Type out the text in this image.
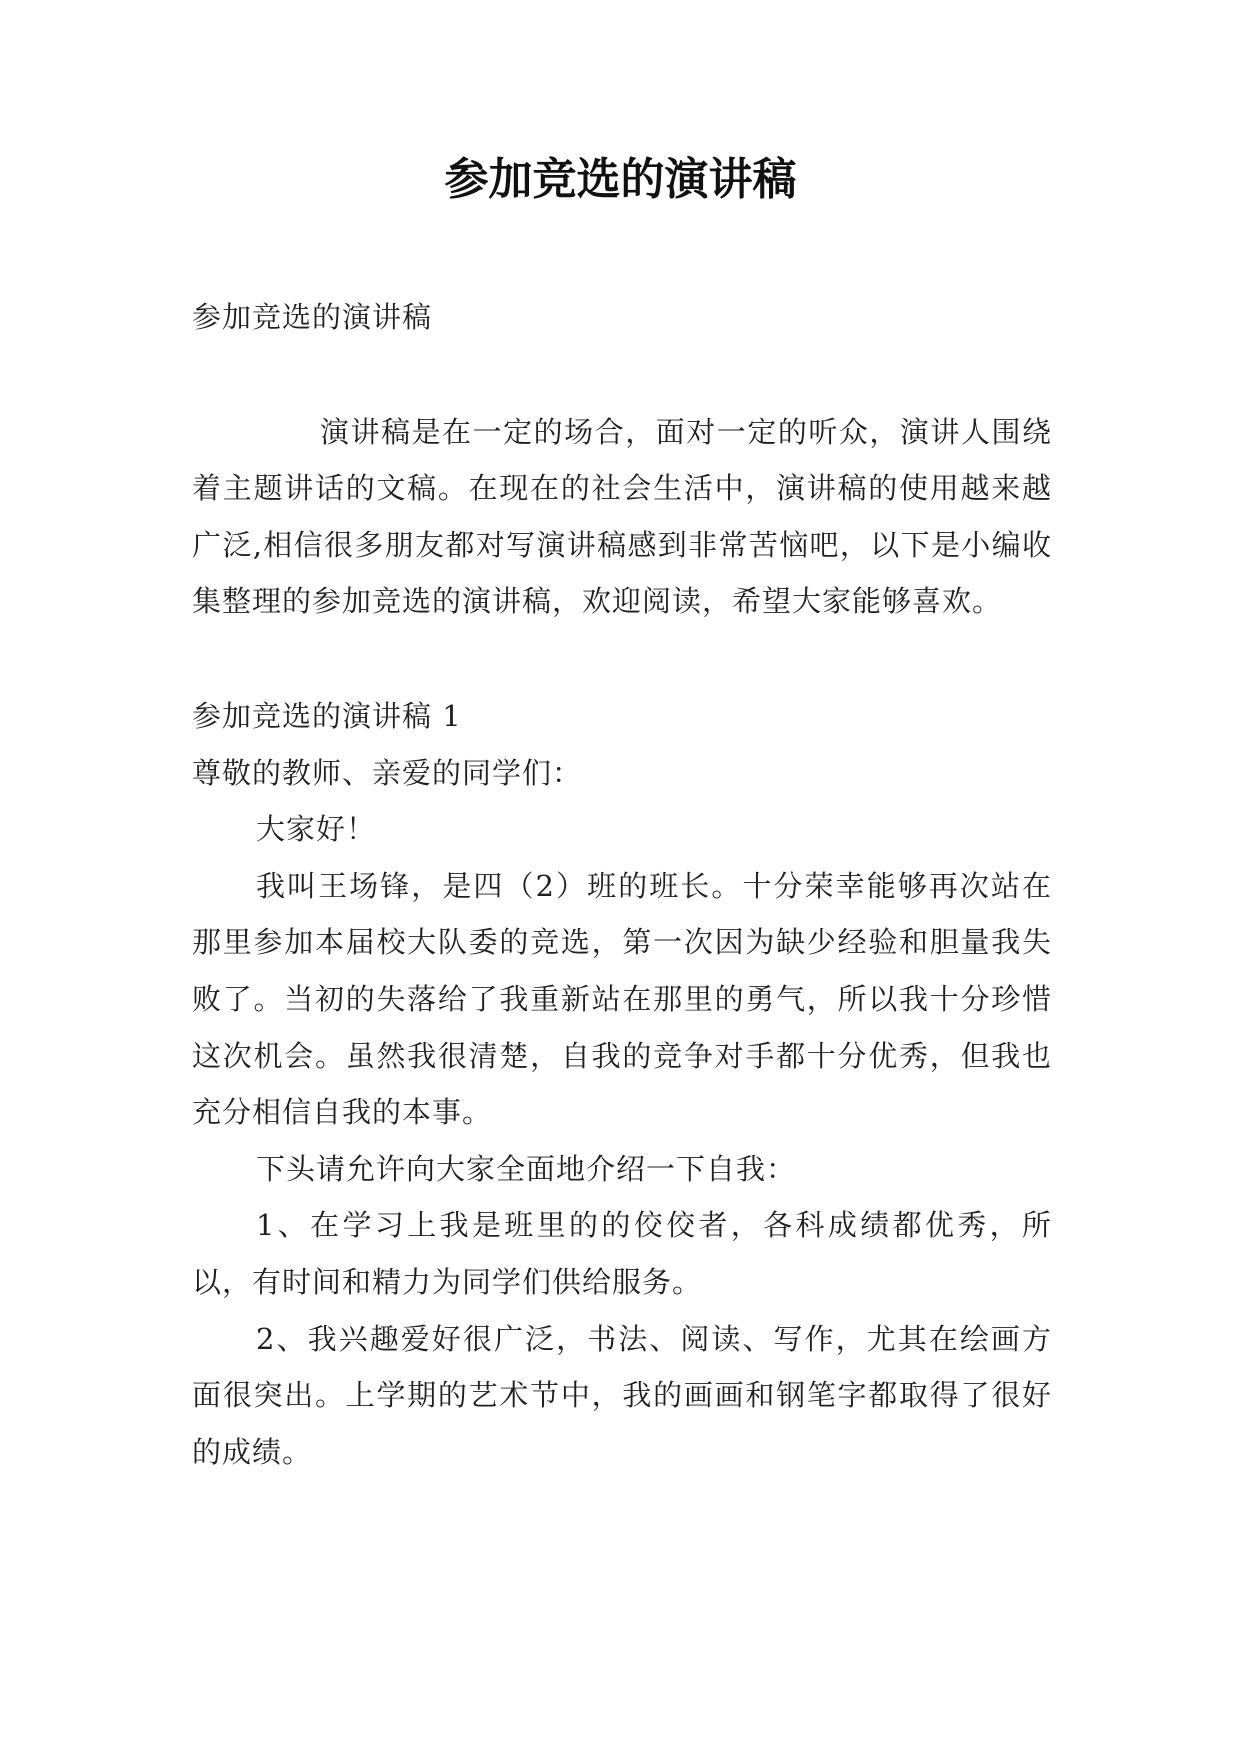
参加竞选的演讲稿

参加竞选的演讲稿

演讲稿是在一定的场合，面对一定的听众，演讲人围绕着主题讲话的文稿。在现在的社会生活中，演讲稿的使用越来越广泛,相信很多朋友都对写演讲稿感到非常苦恼吧，以下是小编收集整理的参加竞选的演讲稿，欢迎阅读，希望大家能够喜欢。

参加竞选的演讲稿 1

尊敬的教师、亲爱的同学们：

大家好！

我叫王场锋，是四（2）班的班长。十分荣幸能够再次站在那里参加本届校大队委的竞选，第一次因为缺少经验和胆量我失败了。当初的失落给了我重新站在那里的勇气，所以我十分珍惜这次机会。虽然我很清楚，自我的竞争对手都十分优秀，但我也充分相信自我的本事。

下头请允许向大家全面地介绍一下自我：

1、在学习上我是班里的的佼佼者，各科成绩都优秀，所以，有时间和精力为同学们供给服务。

2、我兴趣爱好很广泛，书法、阅读、写作，尤其在绘画方面很突出。上学期的艺术节中，我的画画和钢笔字都取得了很好的成绩。
